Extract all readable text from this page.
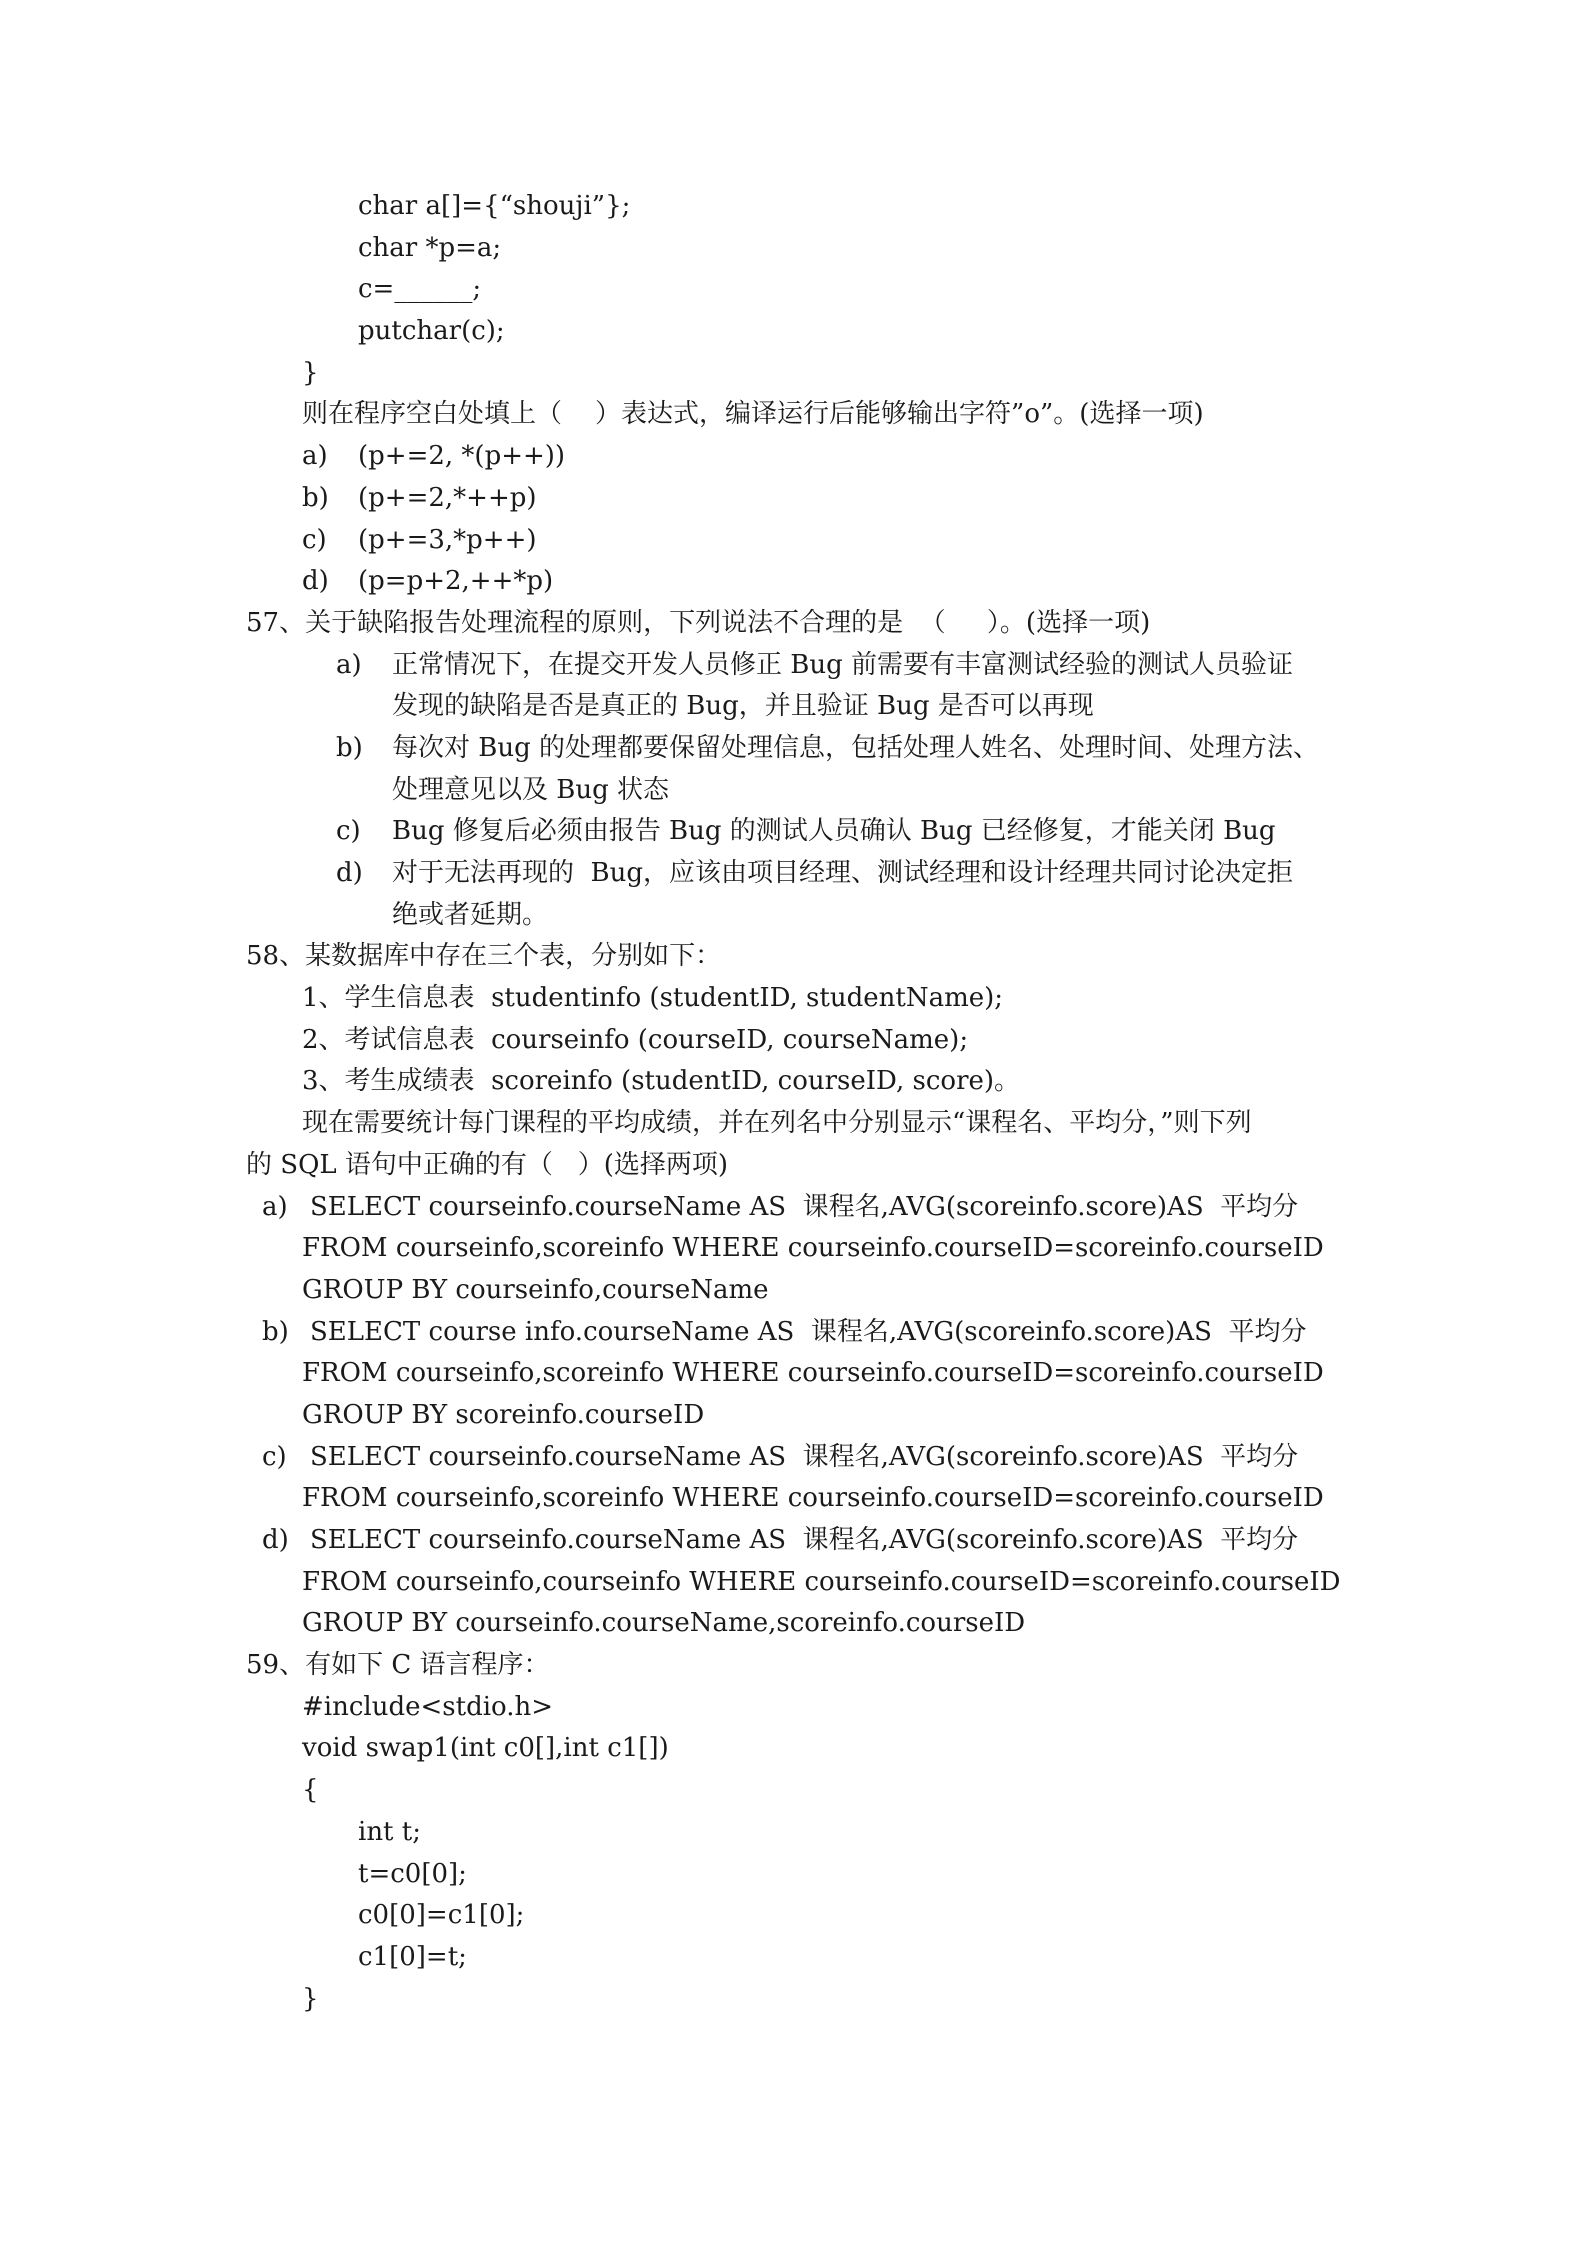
char a[]={“shouji”};
char *p=a;
c=______;
putchar(c);
}
则在程序空白处填上（    ）表达式，编译运行后能够输出字符”o”。(选择一项)
a) (p+=2, *(p++))
b) (p+=2,*++p)
c) (p+=3,*p++)
d) (p=p+2,++*p)
57、关于缺陷报告处理流程的原则，下列说法不合理的是  （     ）。(选择一项)
a) 正常情况下，在提交开发人员修正 Bug 前需要有丰富测试经验的测试人员验证
发现的缺陷是否是真正的 Bug，并且验证 Bug 是否可以再现
b) 每次对 Bug 的处理都要保留处理信息，包括处理人姓名、处理时间、处理方法、
处理意见以及 Bug 状态
c) Bug 修复后必须由报告 Bug 的测试人员确认 Bug 已经修复，才能关闭 Bug
d) 对于无法再现的  Bug，应该由项目经理、测试经理和设计经理共同讨论决定拒
绝或者延期。
58、某数据库中存在三个表，分别如下：
1、学生信息表  studentinfo (studentID, studentName);
2、考试信息表  courseinfo (courseID, courseName);
3、考生成绩表  scoreinfo (studentID, courseID, score)。
现在需要统计每门课程的平均成绩，并在列名中分别显示“课程名、平均分，”则下列
的 SQL 语句中正确的有（   ）(选择两项)
a) SELECT courseinfo.courseName AS  课程名,AVG(scoreinfo.score)AS  平均分
FROM courseinfo,scoreinfo WHERE courseinfo.courseID=scoreinfo.courseID
GROUP BY courseinfo,courseName
b) SELECT course info.courseName AS  课程名,AVG(scoreinfo.score)AS  平均分
FROM courseinfo,scoreinfo WHERE courseinfo.courseID=scoreinfo.courseID
GROUP BY scoreinfo.courseID
c) SELECT courseinfo.courseName AS  课程名,AVG(scoreinfo.score)AS  平均分
FROM courseinfo,scoreinfo WHERE courseinfo.courseID=scoreinfo.courseID
d) SELECT courseinfo.courseName AS  课程名,AVG(scoreinfo.score)AS  平均分
FROM courseinfo,courseinfo WHERE courseinfo.courseID=scoreinfo.courseID
GROUP BY courseinfo.courseName,scoreinfo.courseID
59、有如下 C 语言程序：
#include<stdio.h>
void swap1(int c0[],int c1[])
{
int t;
t=c0[0];
c0[0]=c1[0];
c1[0]=t;
}
